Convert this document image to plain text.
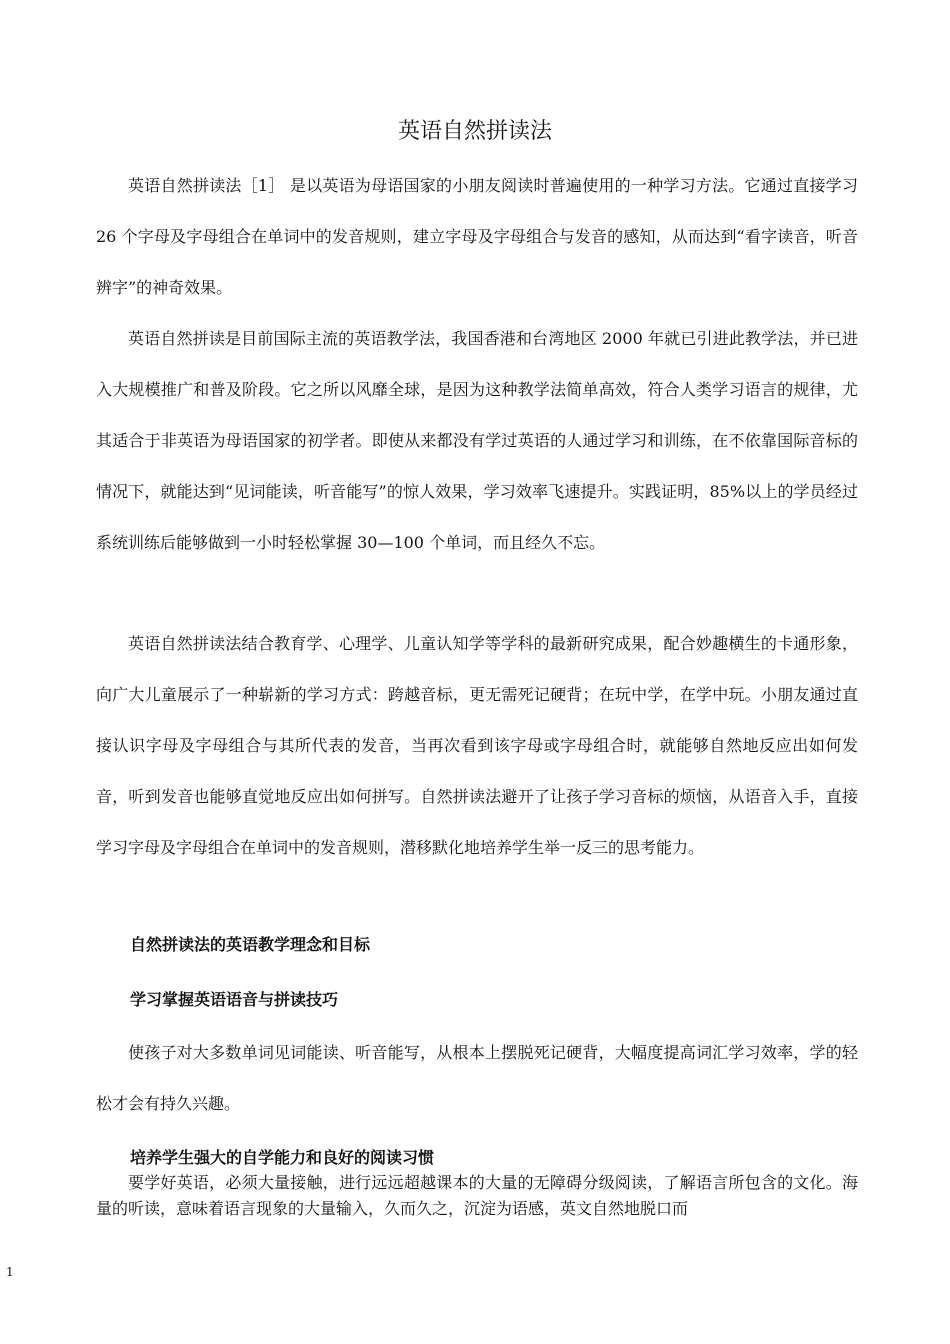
英语自然拼读法

英语自然拼读法［1］ 是以英语为母语国家的小朋友阅读时普遍使用的一种学习方法。它通过直接学习 26 个字母及字母组合在单词中的发音规则，建立字母及字母组合与发音的感知，从而达到“看字读音，听音辨字”的神奇效果。

英语自然拼读是目前国际主流的英语教学法，我国香港和台湾地区 2000 年就已引进此教学法，并已进入大规模推广和普及阶段。它之所以风靡全球，是因为这种教学法简单高效，符合人类学习语言的规律，尤其适合于非英语为母语国家的初学者。即使从来都没有学过英语的人通过学习和训练，在不依靠国际音标的情况下，就能达到“见词能读，听音能写”的惊人效果，学习效率飞速提升。实践证明，85%以上的学员经过系统训练后能够做到一小时轻松掌握 30—100 个单词，而且经久不忘。

英语自然拼读法结合教育学、心理学、儿童认知学等学科的最新研究成果，配合妙趣横生的卡通形象，向广大儿童展示了一种崭新的学习方式：跨越音标，更无需死记硬背；在玩中学，在学中玩。小朋友通过直接认识字母及字母组合与其所代表的发音，当再次看到该字母或字母组合时，就能够自然地反应出如何发音，听到发音也能够直觉地反应出如何拼写。自然拼读法避开了让孩子学习音标的烦恼，从语音入手，直接学习字母及字母组合在单词中的发音规则，潜移默化地培养学生举一反三的思考能力。

自然拼读法的英语教学理念和目标
学习掌握英语语音与拼读技巧

使孩子对大多数单词见词能读、听音能写，从根本上摆脱死记硬背，大幅度提高词汇学习效率，学的轻松才会有持久兴趣。

培养学生强大的自学能力和良好的阅读习惯

要学好英语，必须大量接触，进行远远超越课本的大量的无障碍分级阅读，了解语言所包含的文化。海量的听读，意味着语言现象的大量输入，久而久之，沉淀为语感，英文自然地脱口而

1
